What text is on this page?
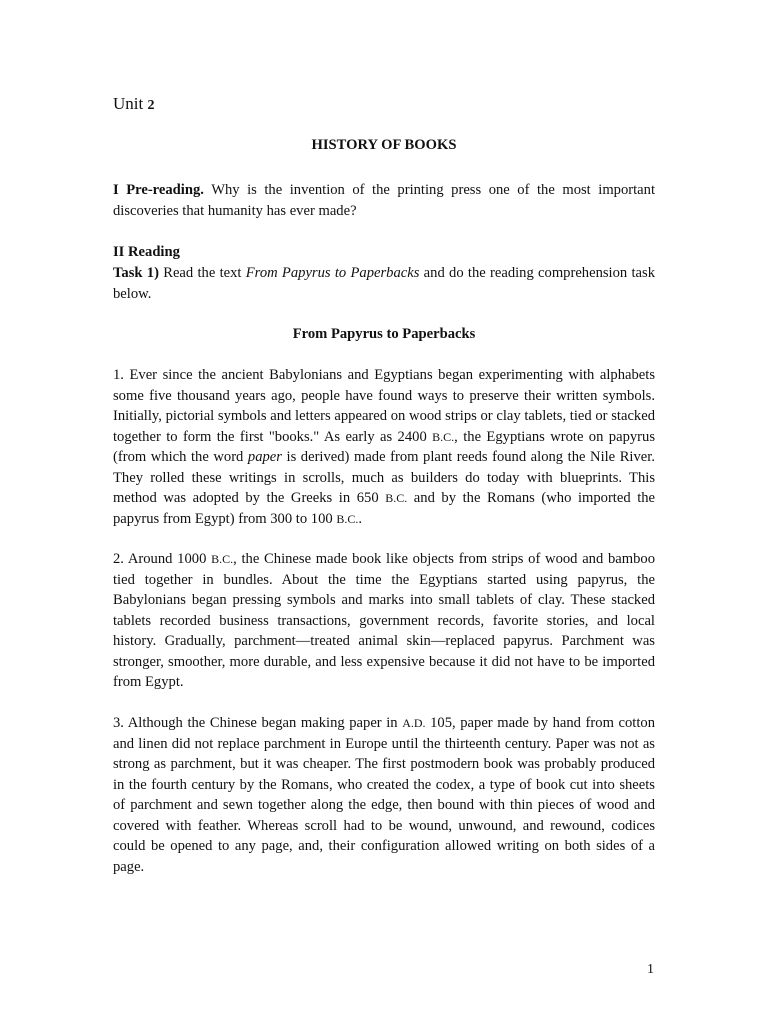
Unit 2
HISTORY OF BOOKS
I Pre-reading. Why is the invention of the printing press one of the most important discoveries that humanity has ever made?
II Reading
Task 1) Read the text From Papyrus to Paperbacks and do the reading comprehension task below.
From Papyrus to Paperbacks
1. Ever since the ancient Babylonians and Egyptians began experimenting with alphabets some five thousand years ago, people have found ways to preserve their written symbols. Initially, pictorial symbols and letters appeared on wood strips or clay tablets, tied or stacked together to form the first "books." As early as 2400 B.C., the Egyptians wrote on papyrus (from which the word paper is derived) made from plant reeds found along the Nile River. They rolled these writings in scrolls, much as builders do today with blueprints. This method was adopted by the Greeks in 650 B.C. and by the Romans (who imported the papyrus from Egypt) from 300 to 100 B.C..
2. Around 1000 B.C., the Chinese made book like objects from strips of wood and bamboo tied together in bundles. About the time the Egyptians started using papyrus, the Babylonians began pressing symbols and marks into small tablets of clay. These stacked tablets recorded business transactions, government records, favorite stories, and local history. Gradually, parchment—treated animal skin—replaced papyrus. Parchment was stronger, smoother, more durable, and less expensive because it did not have to be imported from Egypt.
3. Although the Chinese began making paper in A.D. 105, paper made by hand from cotton and linen did not replace parchment in Europe until the thirteenth century. Paper was not as strong as parchment, but it was cheaper. The first postmodern book was probably produced in the fourth century by the Romans, who created the codex, a type of book cut into sheets of parchment and sewn together along the edge, then bound with thin pieces of wood and covered with feather. Whereas scroll had to be wound, unwound, and rewound, codices could be opened to any page, and, their configuration allowed writing on both sides of a page.
1
